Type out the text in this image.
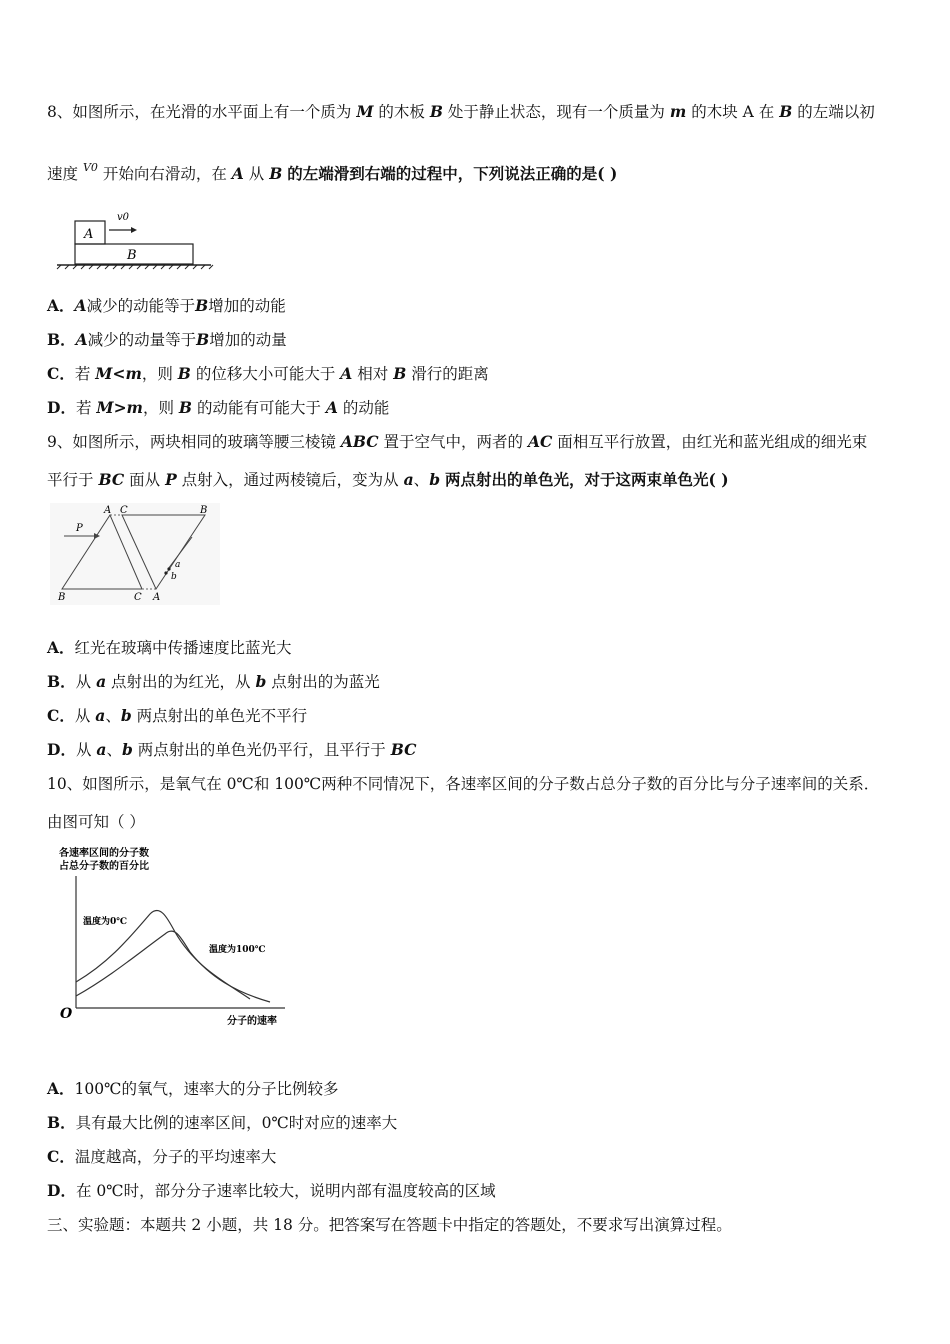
8、如图所示，在光滑的水平面上有一个质为 M 的木板 B 处于静止状态，现有一个质量为 m 的木块 A 在 B 的左端以初
速度 $^{V0}$ 开始向右滑动，在 A 从 B 的左端滑到右端的过程中，下列说法正确的是( )
A
B
v0
A．A减少的动能等于B增加的动能
B．A减少的动量等于B增加的动量
C．若 M<m，则 B 的位移大小可能大于 A 相对 B 滑行的距离
D．若 M>m，则 B 的动能有可能大于 A 的动能
9、如图所示，两块相同的玻璃等腰三棱镜 ABC 置于空气中，两者的 AC 面相互平行放置，由红光和蓝光组成的细光束
平行于 BC 面从 P 点射入，通过两棱镜后，变为从 a、b 两点射出的单色光，对于这两束单色光( )
A C	B
P
B	C A
a
b
A．红光在玻璃中传播速度比蓝光大
B．从 a 点射出的为红光，从 b 点射出的为蓝光
C．从 a、b 两点射出的单色光不平行
D．从 a、b 两点射出的单色光仍平行，且平行于 BC
10、如图所示，是氧气在 0℃和 100℃两种不同情况下，各速率区间的分子数占总分子数的百分比与分子速率间的关系．
由图可知（ ）
各速率区间的分子数
占总分子数的百分比
O	分子的速率
温度为0℃
温度为100℃
A．100℃的氧气，速率大的分子比例较多
B．具有最大比例的速率区间，0℃时对应的速率大
C．温度越高，分子的平均速率大
D．在 0℃时，部分分子速率比较大，说明内部有温度较高的区域
三、实验题：本题共 2 小题，共 18 分。把答案写在答题卡中指定的答题处，不要求写出演算过程。
